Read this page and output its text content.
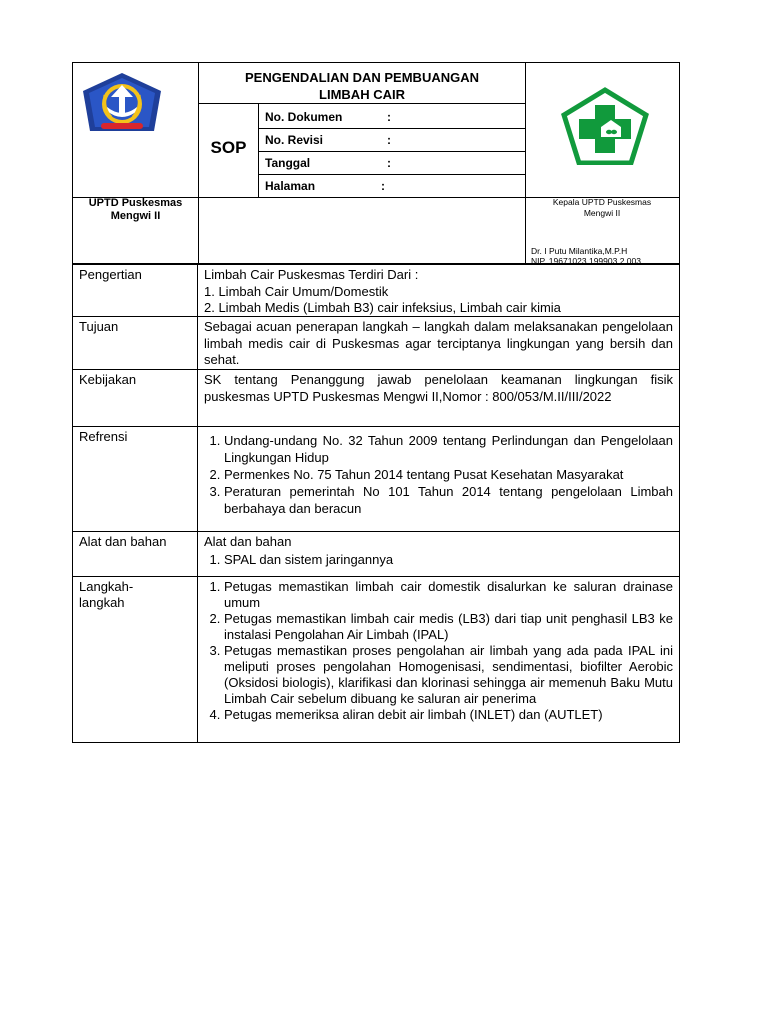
PENGENDALIAN DAN PEMBUANGAN
LIMBAH CAIR
SOP
No. Dokumen	:
No. Revisi	:
Tanggal	:
Halaman	:
UPTD Puskesmas
Mengwi II
Kepala UPTD Puskesmas
Mengwi II
Dr. I Putu Milantika,M.P.H
NIP. 19671023 199903 2 003
Pengertian	Limbah Cair Puskesmas Terdiri Dari :
1. Limbah Cair Umum/Domestik
2. Limbah Medis (Limbah B3) cair infeksius, Limbah cair kimia
Tujuan	Sebagai acuan penerapan langkah – langkah dalam melaksanakan pengelolaan limbah medis cair di Puskesmas agar terciptanya lingkungan yang bersih dan sehat.
Kebijakan	SK tentang Penanggung jawab penelolaan keamanan lingkungan fisik puskesmas UPTD Puskesmas Mengwi II,Nomor : 800/053/M.II/III/2022
Refrensi
1.	Undang-undang No. 32 Tahun 2009 tentang Perlindungan dan Pengelolaan Lingkungan Hidup
2. Permenkes No. 75 Tahun 2014 tentang Pusat Kesehatan Masyarakat
3. Peraturan pemerintah No 101 Tahun 2014 tentang pengelolaan Limbah berbahaya dan beracun
Alat dan bahan	Alat dan bahan
1. SPAL dan sistem jaringannya
Langkah-
langkah
1. Petugas memastikan limbah cair domestik disalurkan ke saluran drainase umum
2. Petugas memastikan limbah cair medis (LB3) dari tiap unit penghasil LB3 ke instalasi Pengolahan Air Limbah (IPAL)
3. Petugas memastikan proses pengolahan air limbah yang ada pada IPAL ini meliputi proses pengolahan Homogenisasi, sendimentasi, biofilter Aerobic (Oksidosi biologis), klarifikasi dan klorinasi sehingga air memenuh Baku Mutu Limbah Cair sebelum dibuang ke saluran air penerima
4. Petugas memeriksa aliran debit air limbah (INLET) dan (AUTLET)
